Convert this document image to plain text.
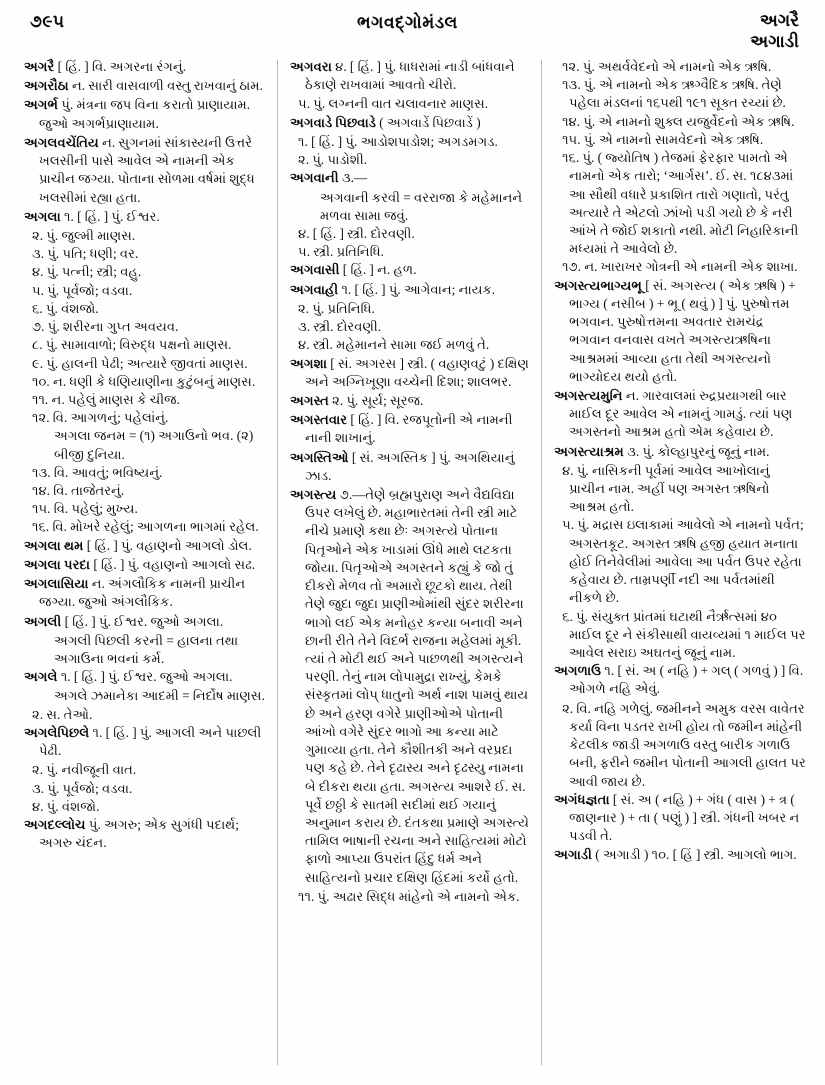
૭૯૫	ભગવદ્ગોમંડલ	અગરૈ
અગાડી

અગરૈ [ હિં. ] વિ. અગરના રંગનું.

અગરૌઠા ન. સારી વાસવાળી વસ્તુ રાખવાનું ઠામ.

અગર્ભ પું. મંત્રના જપ વિના કરાતો પ્રાણાયામ. જુઓ અગર્ભપ્રાણાયામ.

અગલવચેંતિય ન. સુગનમાં સાંકાસ્યની ઉત્તરે ખલસીની પાસે આવેલ એ નામની એક પ્રાચીન જગ્યા. પોતાના સોળમા વર્ષમાં શુદ્ધ ખલસીમાં રહ્યા હતા.

અગલા ૧. [ હિં. ] પું. ઈશ્વર.

૨. પું. જુલ્મી માણસ.

૩. પું. પતિ; ધણી; વર.

૪. પું. પત્ની; સ્ત્રી; વહુ.

૫. પું. પૂર્વજો; વડવા.

૬. પું. વંશજો.

૭. પું. શરીરના ગુપ્ત અવયવ.

૮. પું. સામાવાળો; વિરુદ્ધ પક્ષનો માણસ.

૯. પું. હાલની પેઢી; અત્યારે જીવતાં માણસ.

૧૦. ન. ધણી કે ધણિયાણીના કુટુંબનું માણસ.

૧૧. ન. પહેલું માણસ કે ચીજ.

૧૨. વિ. આગળનું; પહેલાંનું.

અગલા જનમ = (૧) અગાઉનો ભવ. (૨) બીજી દુનિયા.

૧૩. વિ. આવતું; ભવિષ્યનું.

૧૪. વિ. તાજેતરનું.

૧૫. વિ. પહેલું; મુખ્ય.

૧૬. વિ. મોખરે રહેલું; આગળના ભાગમાં રહેલ.

અગલા થમ [ હિં. ] પું. વહાણનો આગલો ડોલ.

અગલા પરદા [ હિં. ] પું. વહાણનો આગલો સઢ.

અગલાસિયા ન. અંગલૌકિક નામની પ્રાચીન જગ્યા. જુઓ અંગલૌકિક.

અગલી [ હિં. ] પું. ઈશ્વર. જુઓ અગલા.

અગલી પિછલી કરની = હાલના તથા અગાઉના ભવનાં કર્મ.

અગલે ૧. [ હિં. ] પું. ઈશ્વર. જુઓ અગલા.

અગલે ઝમાનેકા આદમી = નિર્દોષ માણસ.

૨. સ. તેઓ.

અગલેપિછલે ૧. [ હિં. ] પું. આગલી અને પાછલી પેઢી.

૨. પું. નવીજૂની વાત.

૩. પું. પૂર્વજો; વડવા.

૪. પું. વંશજો.

અગદલ્લોચ પું. અગરુ; એક સુગંધી પદાર્થ; અગરુ ચંદન.

અગવરા ૪. [ હિં. ] પું. ધાધરામાં નાડી બાંધવાને ઠેકાણે રાખવામાં આવતો ચીરો.

૫. પું. લગ્નની વાત ચલાવનાર માણસ.

અગવાડે પિછવાડે ( અગવાડેં પિછવાડેં )

૧. [ હિં. ] પું. આડોશપાડોશ; અગડમગડ.

૨. પું. પાડોશી.

અગવાની ૩.—

અગવાની કરવી = વરરાજા કે મહેમાનને મળવા સામા જવું.

૪. [ હિં. ] સ્ત્રી. દોરવણી.

૫. સ્ત્રી. પ્રતિનિધિ.

અગવાસી [ હિં. ] ન. હળ.

અગવાહી ૧. [ હિં. ] પું. આગેવાન; નાયક.

૨. પું. પ્રતિનિધિ.

૩. સ્ત્રી. દોરવણી.

૪. સ્ત્રી. મહેમાનને સામા જઈ મળવું તે.

અગશા [ સં. અગરસ ] સ્ત્રી. ( વહાણવટું ) દક્ષિણ અને અગ્નિખૂણા વચ્ચેની દિશા; શાલભર.

અગસ્ત ૨. પું. સૂર્ય; સૂરજ.

અગસ્તવાર [ હિં. ] વિ. રજપૂતોની એ નામની નાની શાખાનું.

અગસ્તિઓ [ સં. અગસ્તિક ] પું. અગથિયાનું ઝાડ.

અગસ્ત્ય ૭.—તેણે બ્રહ્મપુરાણ અને વૈદ્યવિદ્યા ઉપર લખેલું છે. મહાભારતમાં તેની સ્ત્રી માટે નીચે પ્રમાણે કથા છેઃ અગસ્ત્યે પોતાના પિતૃઓને એક ખાડામાં ઊંધે માથે લટકતા જોયા. પિતૃઓએ અગસ્તને કહ્યું કે જો તું દીકરો મેળવ તો અમારો છૂટકો થાય. તેથી તેણે જુદા જુદા પ્રાણીઓમાંથી સુંદર શરીરના ભાગો લઈ એક મનોહર કન્યા બનાવી અને છાની રીતે તેને વિદર્ભ રાજના મહેલમાં મૂકી. ત્યાં તે મોટી થઈ અને પાછળથી અગસ્ત્યને પરણી. તેનું નામ લોપામુદ્રા રાખ્યું, કેમકે સંસ્કૃતમાં લોપ્ ધાતુનો અર્થ નાશ પામવું થાય છે અને હરણ વગેરે પ્રાણીઓએ પોતાની આંખો વગેરે સુંદર ભાગો આ કન્યા માટે ગુમાવ્યા હતા. તેને કૌશીતકી અને વરપ્રદા પણ કહે છે. તેને દૃઢાસ્ય અને દૃઢસ્યુ નામના બે દીકરા થયા હતા. અગસ્ત્ય આશરે ઈ. સ. પૂર્વે છઠ્ઠી કે સાતમી સદીમાં થઈ ગયાનું અનુમાન કરાય છે. દંતકથા પ્રમાણે અગસ્ત્યે તામિલ ભાષાની રચના અને સાહિત્યમાં મોટો ફાળો આપ્યા ઉપરાંત હિંદુ ધર્મ અને સાહિત્યનો પ્રચાર દક્ષિણ હિંદમાં કર્યો હતો.

૧૧. પું. અઢાર સિદ્ધ માંહેનો એ નામનો એક.

૧૨. પું. અથર્વવેદનો એ નામનો એક ઋષિ.

૧૩. પું. એ નામનો એક ઋગ્વૈદિક ઋષિ. તેણે પહેલા મંડલનાં ૧૬૫થી ૧૯૧ સૂક્ત રચ્યાં છે.

૧૪. પું. એ નામનો શુક્લ યજુર્વેદનો એક ઋષિ.

૧૫. પું. એ નામનો સામવેદનો એક ઋષિ.

૧૬. પું. ( જ્યોતિષ ) તેજમાં ફેરફાર પામતો એ નામનો એક તારો; ‘આર્ગસ’. ઈ. સ. ૧૮૪૩માં આ સૌથી વધારે પ્રકાશિત તારો ગણાતો, પરંતુ અત્યારે તે એટલો ઝાંખો પડી ગયો છે કે નરી આંખે તે જોઈ શકાતો નથી. મોટી નિહારિકાની મધ્યમાં તે આવેલો છે.

૧૭. ન. ખારાખર ગોત્રની એ નામની એક શાખા.

અગસ્ત્યભાગ્યભૂ [ સં. અગસ્ત્ય ( એક ઋષિ ) + ભાગ્ય ( નસીબ ) + ભૂ ( થવું ) ] પું. પુરુષોત્તમ ભગવાન. પુરુષોત્તમના અવતાર રામચંદ્ર ભગવાન વનવાસ વખતે અગસ્ત્યઋષિના આશ્રમમાં આવ્યા હતા તેથી અગસ્ત્યનો ભાગ્યોદય થયો હતો.

અગસ્ત્યમુનિ ન. ગારવાલમાં રુદ્રપ્રયાગથી બાર માઈલ દૂર આવેલ એ નામનું ગામડું. ત્યાં પણ અગસ્તનો આશ્રમ હતો એમ કહેવાય છે.

અગસ્ત્યાશ્રમ ૩. પું. કોલ્હાપુરનું જૂનું નામ.

૪. પું. નાસિકની પૂર્વમાં આવેલ આખોલાનું પ્રાચીન નામ. અહીં પણ અગસ્ત ઋષિનો આશ્રમ હતો.

૫. પું. મદ્રાસ ઇલાકામાં આવેલો એ નામનો પર્વત; અગસ્તકૂટ. અગસ્ત ઋષિ હજી હયાત મનાતા હોઈ તિનેવેલીમાં આવેલા આ પર્વત ઉપર રહેતા કહેવાય છે. તામ્રપર્ણી નદી આ પર્વતમાંથી નીકળે છે.

૬. પું. સંયુક્ત પ્રાંતમાં ઘટાથી નૈર્ઋત્સમાં ૪૦ માઈલ દૂર ને સંકીસાથી વાયવ્યમાં ૧ માઈલ પર આવેલ સરાઇ અઘતનું જૂનું નામ.

અગળાઉ ૧. [ સં. અ ( નહિ ) + ગલ્ ( ગળવું ) ] વિ. ઓગળે નહિ એવું.

૨. વિ. નહિ ગળેલું. જમીનને અમુક વરસ વાવેતર કર્યા વિના પડતર રાખી હોય તો જમીન માંહેની કેટલીક જાડી અગળાઉ વસ્તુ બારીક ગળાઉ બની, ફરીને જમીન પોતાની આગલી હાલત પર આવી જાય છે.

અગંધજ્ઞતા [ સં. અ ( નહિ ) + ગંધ ( વાસ ) + ત્ર ( જાણનાર ) + તા ( પણું ) ] સ્ત્રી. ગંધની ખબર ન પડવી તે.

અગાડી ( અગાડી ) ૧૦. [ હિં ] સ્ત્રી. આગલો ભાગ.
